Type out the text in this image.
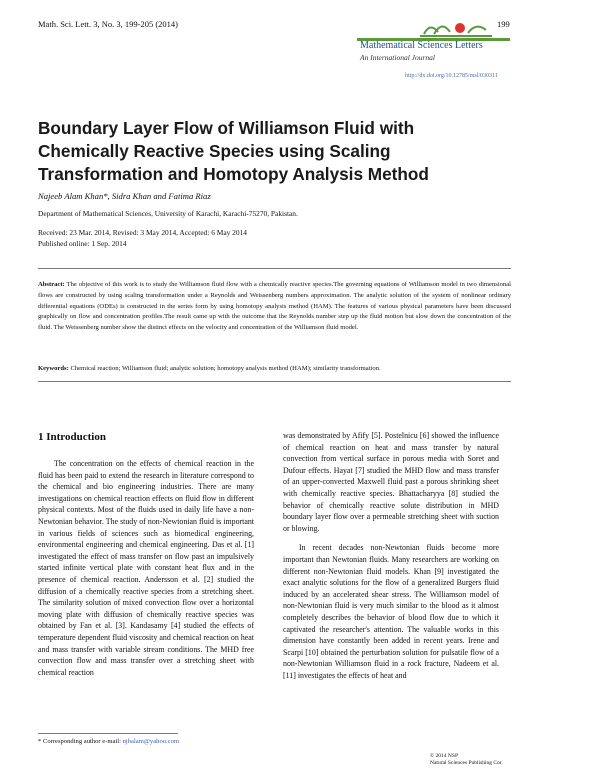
Math. Sci. Lett. 3, No. 3, 199-205 (2014)	199
Mathematical Sciences Letters
An International Journal
http://dx.doi.org/10.12785/msl/030311
Boundary Layer Flow of Williamson Fluid with Chemically Reactive Species using Scaling Transformation and Homotopy Analysis Method
Najeeb Alam Khan*, Sidra Khan and Fatima Riaz
Department of Mathematical Sciences, University of Karachi, Karachi-75270, Pakistan.
Received: 23 Mar. 2014, Revised: 3 May 2014, Accepted: 6 May 2014
Published online: 1 Sep. 2014
Abstract: The objective of this work is to study the Williamson fluid flow with a chemically reactive species.The governing equations of Williamson model in two dimensional flows are constructed by using scaling transformation under a Reynolds and Weissenberg numbers approximation. The analytic solution of the system of nonlinear ordinary differential equations (ODEs) is constructed in the series form by using homotopy analysis method (HAM). The features of various physical parameters have been discussed graphically on flow and concentration profiles.The result came up with the outcome that the Reynolds number step up the fluid motion but slow down the concentration of the fluid. The Weissenberg number show the distinct effects on the velocity and concentration of the Williamson fluid model.
Keywords: Chemical reaction; Williamson fluid; analytic solution; homotopy analysis method (HAM); similarity transformation.
1 Introduction

The concentration on the effects of chemical reaction in the fluid has been paid to extend the research in literature correspond to the chemical and bio engineering industries. There are many investigations on chemical reaction effects on fluid flow in different physical contexts. Most of the fluids used in daily life have a non-Newtonian behavior. The study of non-Newtonian fluid is important in various fields of sciences such as biomedical engineering, environmental engineering and chemical engineering. Das et al. [1] investigated the effect of mass transfer on flow past an impulsively started infinite vertical plate with constant heat flux and in the presence of chemical reaction. Andersson et al. [2] studied the diffusion of a chemically reactive species from a stretching sheet. The similarity solution of mixed convection flow over a horizontal moving plate with diffusion of chemically reactive species was obtained by Fan et al. [3]. Kandasamy [4] studied the effects of temperature dependent fluid viscosity and chemical reaction on heat and mass transfer with variable stream conditions. The MHD free convection flow and mass transfer over a stretching sheet with chemical reaction

was demonstrated by Afify [5]. Postelnicu [6] showed the influence of chemical reaction on heat and mass transfer by natural convection from vertical surface in porous media with Soret and Dufour effects. Hayat [7] studied the MHD flow and mass transfer of an upper-convected Maxwell fluid past a porous shrinking sheet with chemically reactive species. Bhattacharyya [8] studied the behavior of chemically reactive solute distribution in MHD boundary layer flow over a permeable stretching sheet with suction or blowing.

In recent decades non-Newtonian fluids become more important than Newtonian fluids. Many researchers are working on different non-Newtonian fluid models. Khan [9] investigated the exact analytic solutions for the flow of a generalized Burgers fluid induced by an accelerated shear stress. The Williamson model of non-Newtonian fluid is very much similar to the blood as it almost completely describes the behavior of blood flow due to which it captivated the researcher's attention. The valuable works in this dimension have constantly been added in recent years. Irene and Scarpi [10] obtained the perturbation solution for pulsatile flow of a non-Newtonian Williamson fluid in a rock fracture, Nadeem et al. [11] investigates the effects of heat and

* Corresponding author e-mail: njbalam@yahoo.com
© 2014 NSP
Natural Sciences Publishing Cor.
